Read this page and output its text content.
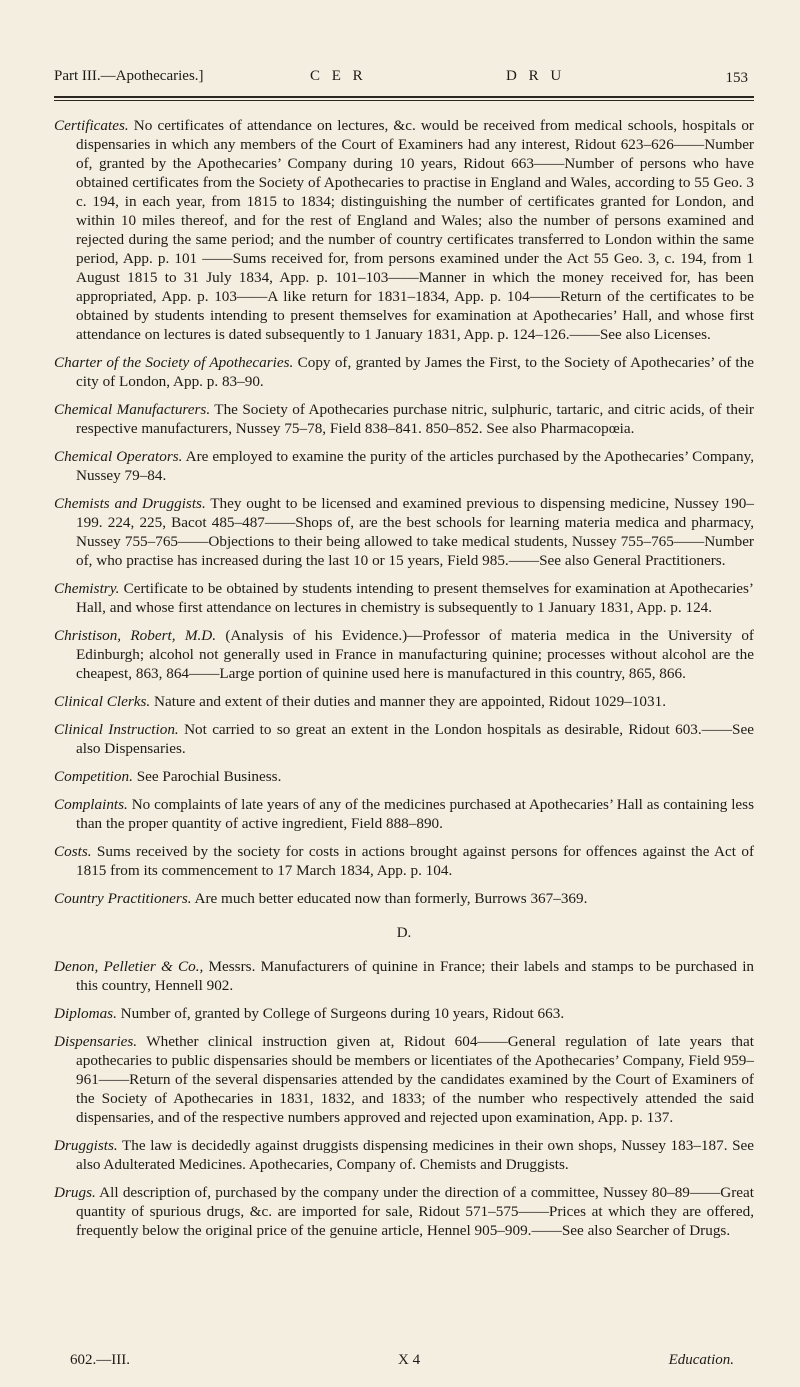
Part III.—Apothecaries.]	C E R	D R U	153

Certificates. No certificates of attendance on lectures, &c. would be received from medical schools, hospitals or dispensaries in which any members of the Court of Examiners had any interest, Ridout 623–626——Number of, granted by the Apothecaries’ Company during 10 years, Ridout 663——Number of persons who have obtained certificates from the Society of Apothecaries to practise in England and Wales, according to 55 Geo. 3 c. 194, in each year, from 1815 to 1834; distinguishing the number of certificates granted for London, and within 10 miles thereof, and for the rest of England and Wales; also the number of persons examined and rejected during the same period; and the number of country certificates transferred to London within the same period, App. p. 101 ——Sums received for, from persons examined under the Act 55 Geo. 3, c. 194, from 1 August 1815 to 31 July 1834, App. p. 101–103——Manner in which the money received for, has been appropriated, App. p. 103——A like return for 1831–1834, App. p. 104——Return of the certificates to be obtained by students intending to present themselves for examination at Apothecaries’ Hall, and whose first attendance on lectures is dated subsequently to 1 January 1831, App. p. 124–126.——See also Licenses.

Charter of the Society of Apothecaries. Copy of, granted by James the First, to the Society of Apothecaries’ of the city of London, App. p. 83–90.

Chemical Manufacturers. The Society of Apothecaries purchase nitric, sulphuric, tartaric, and citric acids, of their respective manufacturers, Nussey 75–78, Field 838–841. 850–852. See also Pharmacopœia.

Chemical Operators. Are employed to examine the purity of the articles purchased by the Apothecaries’ Company, Nussey 79–84.

Chemists and Druggists. They ought to be licensed and examined previous to dispensing medicine, Nussey 190–199. 224, 225, Bacot 485–487——Shops of, are the best schools for learning materia medica and pharmacy, Nussey 755–765——Objections to their being allowed to take medical students, Nussey 755–765——Number of, who practise has increased during the last 10 or 15 years, Field 985.——See also General Practitioners.

Chemistry. Certificate to be obtained by students intending to present themselves for examination at Apothecaries’ Hall, and whose first attendance on lectures in chemistry is subsequently to 1 January 1831, App. p. 124.

Christison, Robert, M.D. (Analysis of his Evidence.)—Professor of materia medica in the University of Edinburgh; alcohol not generally used in France in manufacturing quinine; processes without alcohol are the cheapest, 863, 864——Large portion of quinine used here is manufactured in this country, 865, 866.

Clinical Clerks. Nature and extent of their duties and manner they are appointed, Ridout 1029–1031.

Clinical Instruction. Not carried to so great an extent in the London hospitals as desirable, Ridout 603.——See also Dispensaries.

Competition. See Parochial Business.

Complaints. No complaints of late years of any of the medicines purchased at Apothecaries’ Hall as containing less than the proper quantity of active ingredient, Field 888–890.

Costs. Sums received by the society for costs in actions brought against persons for offences against the Act of 1815 from its commencement to 17 March 1834, App. p. 104.

Country Practitioners. Are much better educated now than formerly, Burrows 367–369.

D.

Denon, Pelletier & Co., Messrs. Manufacturers of quinine in France; their labels and stamps to be purchased in this country, Hennell 902.

Diplomas. Number of, granted by College of Surgeons during 10 years, Ridout 663.

Dispensaries. Whether clinical instruction given at, Ridout 604——General regulation of late years that apothecaries to public dispensaries should be members or licentiates of the Apothecaries’ Company, Field 959–961——Return of the several dispensaries attended by the candidates examined by the Court of Examiners of the Society of Apothecaries in 1831, 1832, and 1833; of the number who respectively attended the said dispensaries, and of the respective numbers approved and rejected upon examination, App. p. 137.

Druggists. The law is decidedly against druggists dispensing medicines in their own shops, Nussey 183–187. See also Adulterated Medicines. Apothecaries, Company of. Chemists and Druggists.

Drugs. All description of, purchased by the company under the direction of a committee, Nussey 80–89——Great quantity of spurious drugs, &c. are imported for sale, Ridout 571–575——Prices at which they are offered, frequently below the original price of the genuine article, Hennel 905–909.——See also Searcher of Drugs.

602.—III.	X 4	Education.
